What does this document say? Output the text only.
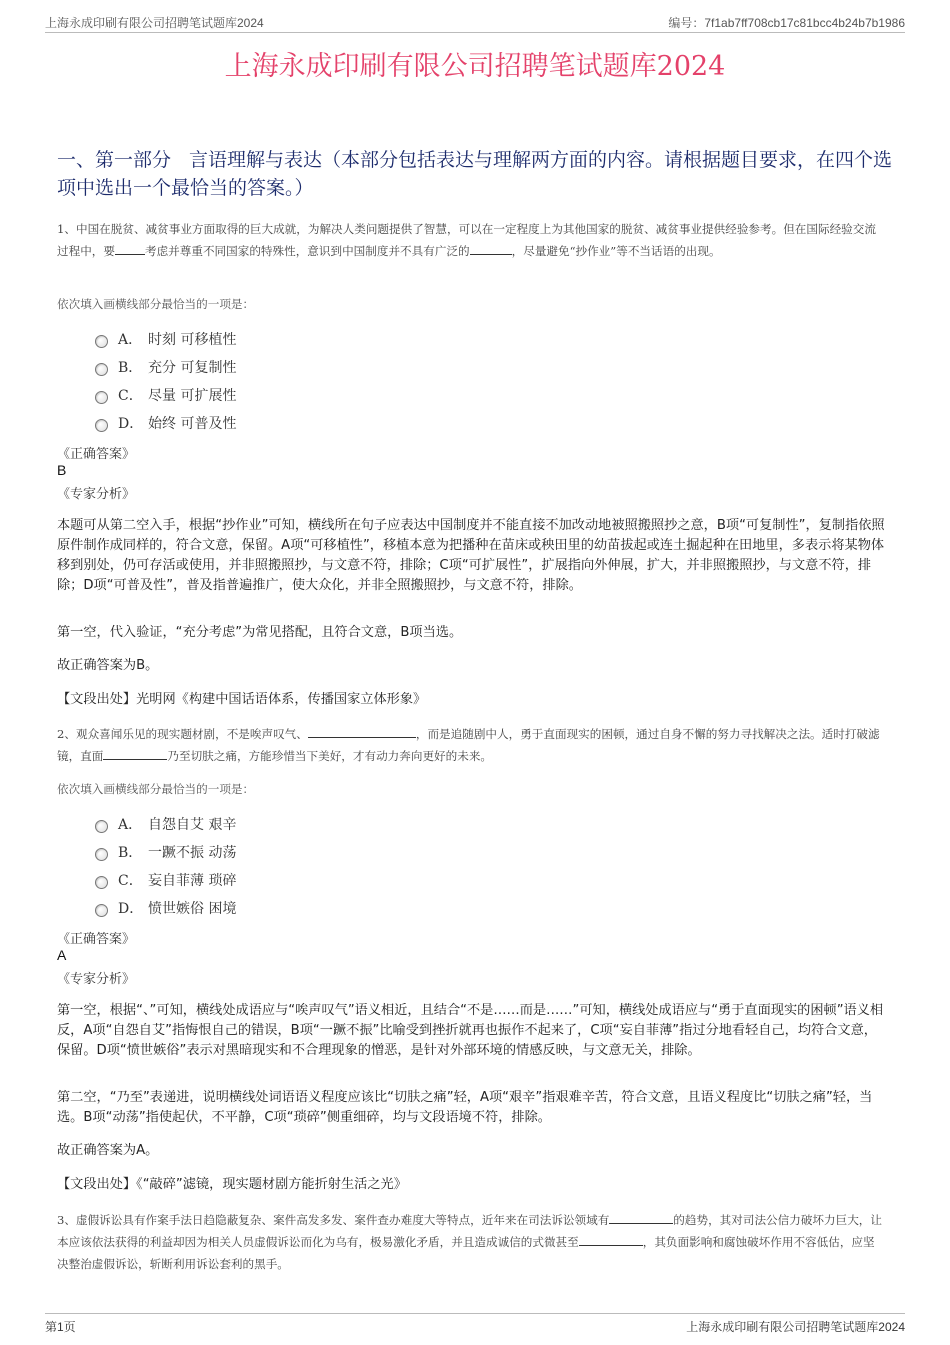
上海永成印刷有限公司招聘笔试题库2024	编号：7f1ab7ff708cb17c81bcc4b24b7b1986
上海永成印刷有限公司招聘笔试题库2024
一、第一部分 言语理解与表达（本部分包括表达与理解两方面的内容。请根据题目要求，在四个选项中选出一个最恰当的答案。）

1、中国在脱贫、减贫事业方面取得的巨大成就，为解决人类问题提供了智慧，可以在一定程度上为其他国家的脱贫、减贫事业提供经验参考。但在国际经验交流过程中，要	考虑并尊重不同国家的特殊性，意识到中国制度并不具有广泛的	，尽量避免“抄作业”等不当话语的出现。

依次填入画横线部分最恰当的一项是：

A． 时刻 可移植性
B． 充分 可复制性
C． 尽量 可扩展性
D． 始终 可普及性

《正确答案》

B

《专家分析》

本题可从第二空入手，根据“抄作业”可知，横线所在句子应表达中国制度并不能直接不加改动地被照搬照抄之意，B项“可复制性”，复制指依照原件制作成同样的，符合文意，保留。A项“可移植性”，移植本意为把播种在苗床或秧田里的幼苗拔起或连土掘起种在田地里，多表示将某物体移到别处，仍可存活或使用，并非照搬照抄，与文意不符，排除；C项“可扩展性”，扩展指向外伸展，扩大，并非照搬照抄，与文意不符，排除；D项“可普及性”，普及指普遍推广，使大众化，并非全照搬照抄，与文意不符，排除。

第一空，代入验证，“充分考虑”为常见搭配，且符合文意，B项当选。

故正确答案为B。

【文段出处】光明网《构建中国话语体系，传播国家立体形象》

2、观众喜闻乐见的现实题材剧，不是唉声叹气、	，而是追随剧中人，勇于直面现实的困顿，通过自身不懈的努力寻找解决之法。适时打破滤镜，直面	乃至切肤之痛，方能珍惜当下美好，才有动力奔向更好的未来。

依次填入画横线部分最恰当的一项是：

A． 自怨自艾 艰辛
B． 一蹶不振 动荡
C． 妄自菲薄 琐碎
D． 愤世嫉俗 困境

《正确答案》

A

《专家分析》

第一空，根据“、”可知，横线处成语应与“唉声叹气”语义相近，且结合“不是……而是……”可知，横线处成语应与“勇于直面现实的困顿”语义相反，A项“自怨自艾”指悔恨自己的错误，B项“一蹶不振”比喻受到挫折就再也振作不起来了，C项“妄自菲薄”指过分地看轻自己，均符合文意，保留。D项“愤世嫉俗”表示对黑暗现实和不合理现象的憎恶，是针对外部环境的情感反映，与文意无关，排除。

第二空，“乃至”表递进，说明横线处词语语义程度应该比“切肤之痛”轻，A项“艰辛”指艰难辛苦，符合文意，且语义程度比“切肤之痛”轻，当选。B项“动荡”指使起伏，不平静，C项“琐碎”侧重细碎，均与文段语境不符，排除。

故正确答案为A。

【文段出处】《“敲碎”滤镜，现实题材剧方能折射生活之光》

3、虚假诉讼具有作案手法日趋隐蔽复杂、案件高发多发、案件查办难度大等特点，近年来在司法诉讼领域有	的趋势，其对司法公信力破坏力巨大，让本应该依法获得的利益却因为相关人员虚假诉讼而化为乌有，极易激化矛盾，并且造成诚信的式微甚至	，其负面影响和腐蚀破坏作用不容低估，应坚决整治虚假诉讼，斩断利用诉讼套利的黑手。

第1页	上海永成印刷有限公司招聘笔试题库2024
